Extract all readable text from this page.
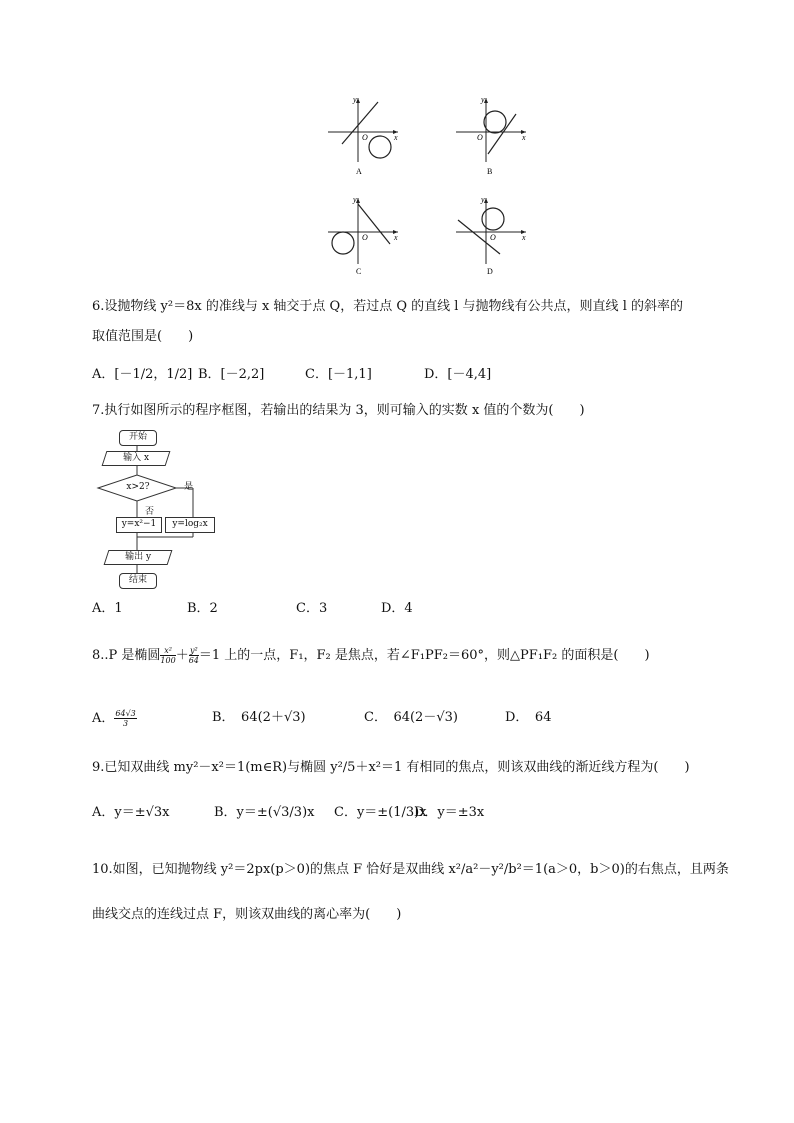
y
x
O
A
y
x
O
B
y
x
O
C
y
x
O
D
6.设抛物线 y²＝8x 的准线与 x 轴交于点 Q，若过点 Q 的直线 l 与抛物线有公共点，则直线 l 的斜率的
取值范围是(　　)
A．[－1/2，1/2] B．[－2,2]	C．[－1,1]	D．[－4,4]
7.执行如图所示的程序框图，若输出的结果为 3，则可输入的实数 x 值的个数为(　　)
开始
输入 x
x>2?	是
否
y=x²−1	y=log₂x
输出 y
结束
A．1	B．2	C．3	D．4
8..P 是椭圆 $\frac{\text{x²}}{100} + \frac{\text{y²}}{64} =1$ 上的一点，F₁，F₂ 是焦点，若∠F₁PF₂＝60°，则△PF₁F₂ 的面积是(　　)
A． $\frac{64√3}{3}$	B．　64(2＋√3)	C．　64(2－√3)	D．　64
9.已知双曲线 my²－x²＝1(m∈R)与椭圆 y²/5＋x²＝1 有相同的焦点，则该双曲线的渐近线方程为(　　)
A．y＝±√3x	B．y＝±(√3/3)x C．y＝±(1/3)x
D．y＝±3x
10.如图，已知抛物线 y²＝2px(p＞0)的焦点 F 恰好是双曲线 x²/a²－y²/b²＝1(a＞0，b＞0)的右焦点，且两条
曲线交点的连线过点 F，则该双曲线的离心率为(　　)
